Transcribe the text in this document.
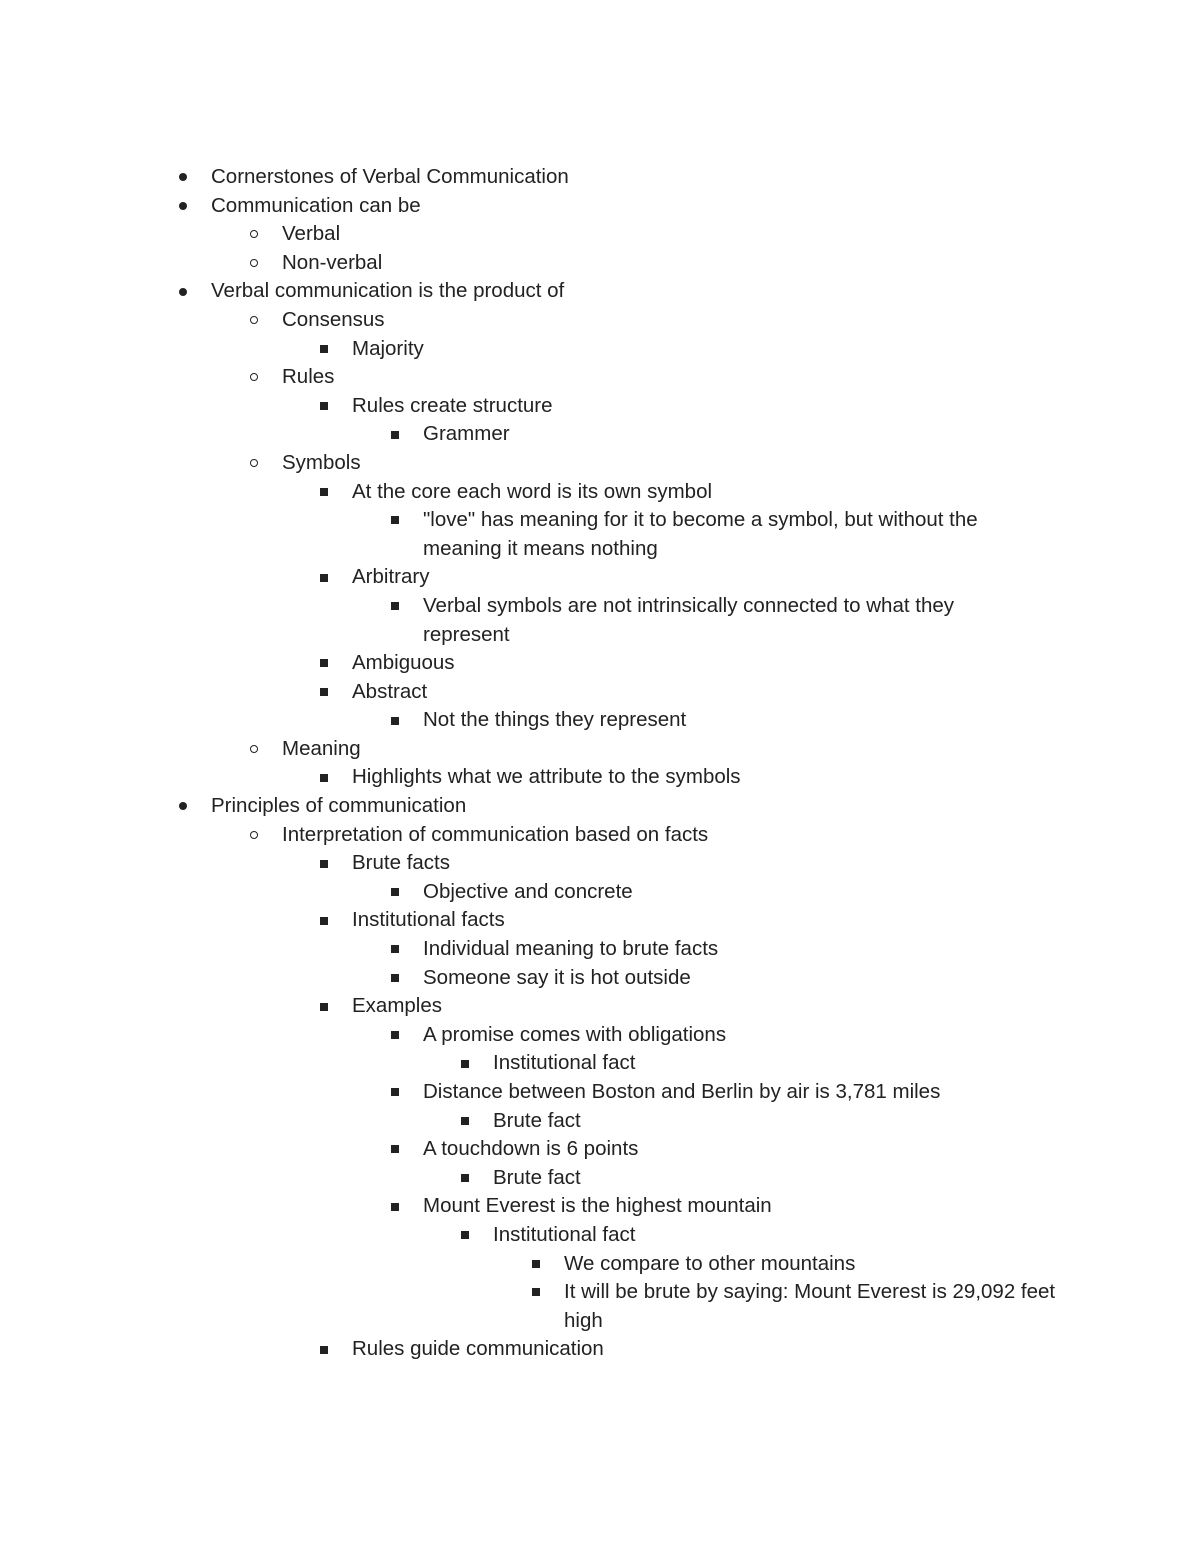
Cornerstones of Verbal Communication
Communication can be
Verbal
Non-verbal
Verbal communication is the product of
Consensus
Majority
Rules
Rules create structure
Grammer
Symbols
At the core each word is its own symbol
"love" has meaning for it to become a symbol, but without the meaning it means nothing
Arbitrary
Verbal symbols are not intrinsically connected to what they represent
Ambiguous
Abstract
Not the things they represent
Meaning
Highlights what we attribute to the symbols
Principles of communication
Interpretation of communication based on facts
Brute facts
Objective and concrete
Institutional facts
Individual meaning to brute facts
Someone say it is hot outside
Examples
A promise comes with obligations
Institutional fact
Distance between Boston and Berlin by air is 3,781 miles
Brute fact
A touchdown is 6 points
Brute fact
Mount Everest is the highest mountain
Institutional fact
We compare to other mountains
It will be brute by saying: Mount Everest is 29,092 feet high
Rules guide communication
